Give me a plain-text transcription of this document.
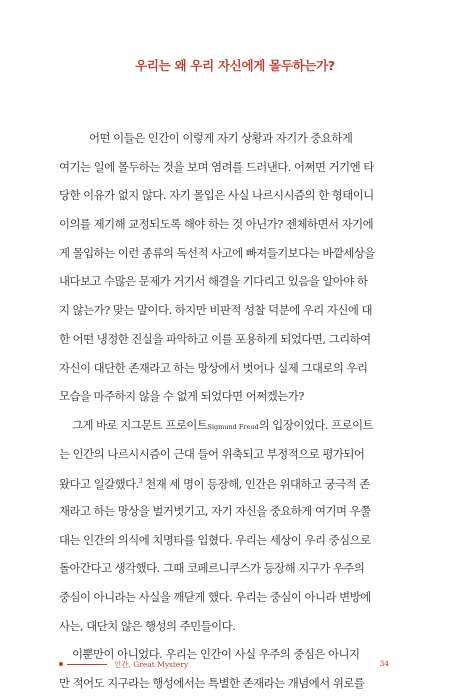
우리는 왜 우리 자신에게 몰두하는가?
어떤 이들은 인간이 이렇게 자기 상황과 자기가 중요하게
여기는 일에 몰두하는 것을 보며 염려를 드러낸다. 어쩌면 거기엔 타
당한 이유가 없지 않다. 자기 몰입은 사실 나르시시즘의 한 형태이니
이의를 제기해 교정되도록 해야 하는 것 아닌가? 젠체하면서 자기에
게 몰입하는 이런 종류의 독선적 사고에 빠져들기보다는 바깥세상을
내다보고 수많은 문제가 거기서 해결을 기다리고 있음을 알아야 하
지 않는가? 맞는 말이다. 하지만 비판적 성찰 덕분에 우리 자신에 대
한 어떤 냉정한 진실을 파악하고 이를 포용하게 되었다면, 그리하여
자신이 대단한 존재라고 하는 망상에서 벗어나 실제 그대로의 우리
모습을 마주하지 않을 수 없게 되었다면 어쩌겠는가?
그게 바로 지그문트 프로이트Sigmund Freud의 입장이었다. 프로이트
는 인간의 나르시시즘이 근대 들어 위축되고 부정적으로 평가되어
왔다고 일갈했다.$^3$ 천재 세 명이 등장해, 인간은 위대하고 궁극적 존
재라고 하는 망상을 벌거벗기고, 자기 자신을 중요하게 여기며 우쭐
대는 인간의 의식에 치명타를 입혔다. 우리는 세상이 우리 중심으로
돌아간다고 생각했다. 그때 코페르니쿠스가 등장해 지구가 우주의
중심이 아니라는 사실을 깨닫게 했다. 우리는 중심이 아니라 변방에
사는, 대단치 않은 행성의 주민들이다.
이뿐만이 아니었다. 우리는 인간이 사실 우주의 중심은 아니지
만 적어도 지구라는 행성에서는 특별한 존재라는 개념에서 위로를
인간, Great Mystery	34
